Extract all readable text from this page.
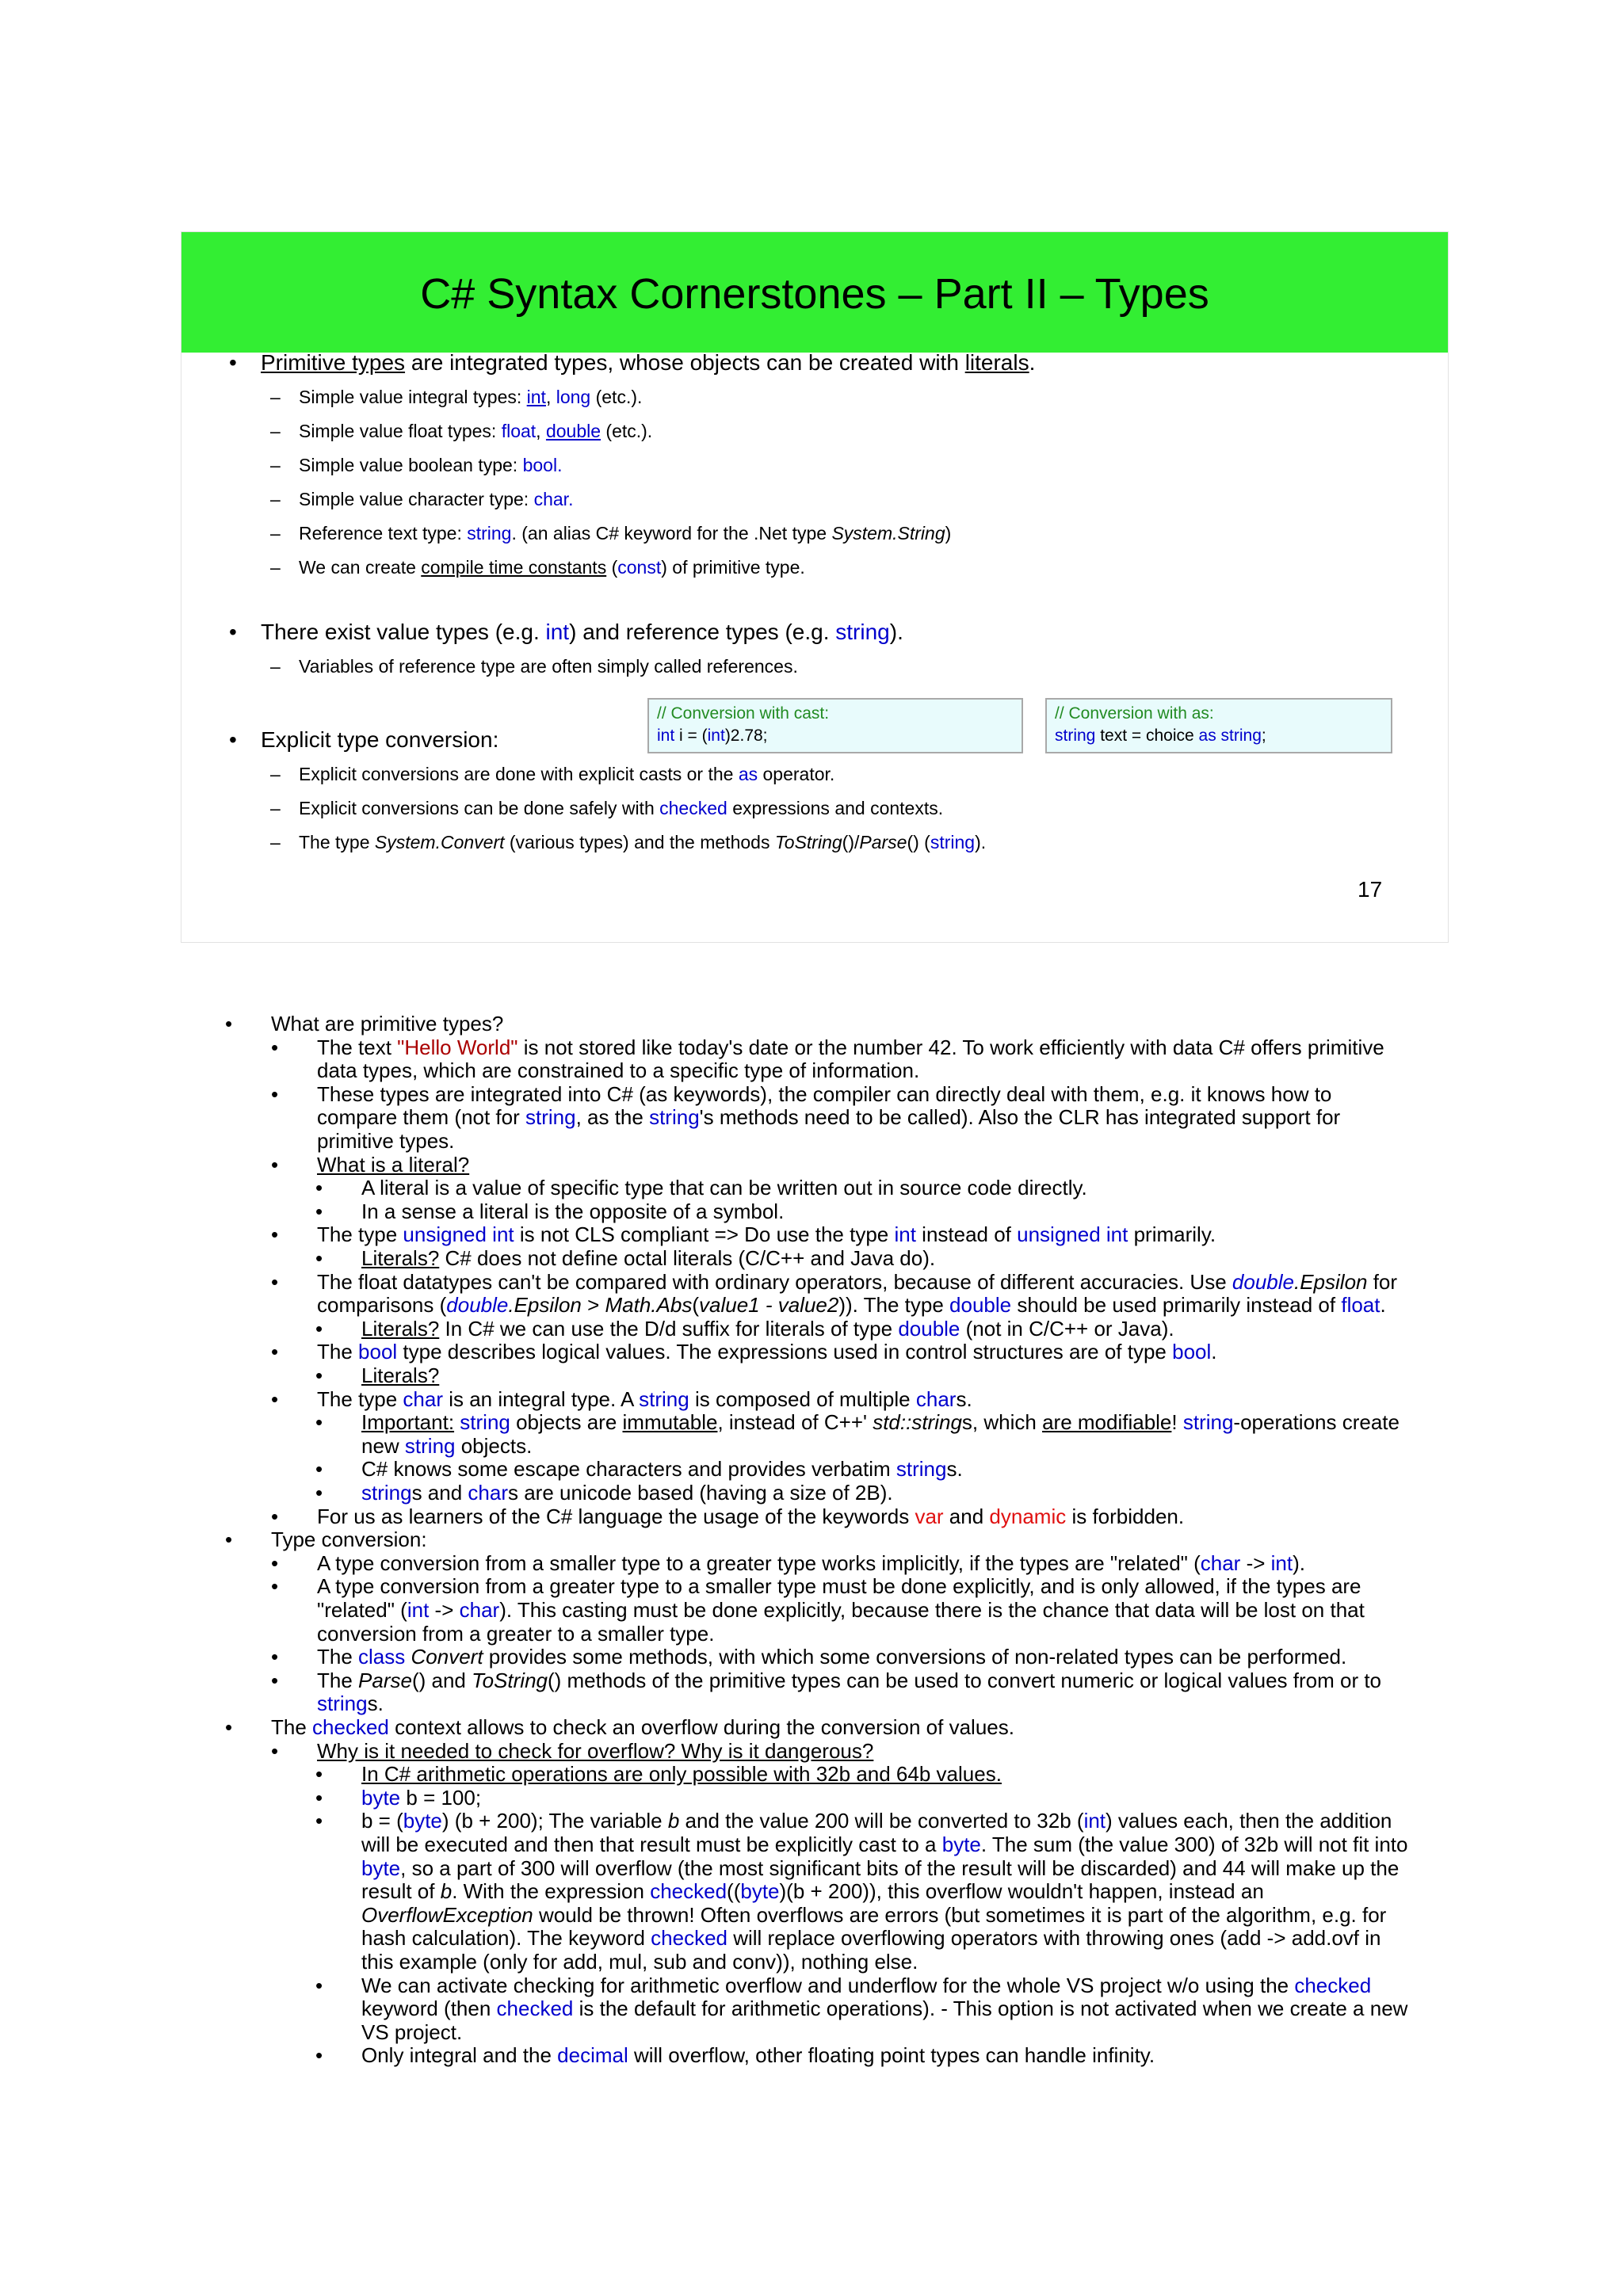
C# Syntax Cornerstones – Part II – Types
• Primitive types are integrated types, whose objects can be created with literals.
– Simple value integral types: int, long (etc.).
– Simple value float types: float, double (etc.).
– Simple value boolean type: bool.
– Simple value character type: char.
– Reference text type: string. (an alias C# keyword for the .Net type System.String)
– We can create compile time constants (const) of primitive type.
• There exist value types (e.g. int) and reference types (e.g. string).
– Variables of reference type are often simply called references.
// Conversion with cast:
int i = (int)2.78;
// Conversion with as:
string text = choice as string;
• Explicit type conversion:
– Explicit conversions are done with explicit casts or the as operator.
– Explicit conversions can be done safely with checked expressions and contexts.
– The type System.Convert (various types) and the methods ToString()/Parse() (string).
17
• What are primitive types?
• The text "Hello World" is not stored like today's date or the number 42. To work efficiently with data C# offers primitive
data types, which are constrained to a specific type of information.
• These types are integrated into C# (as keywords), the compiler can directly deal with them, e.g. it knows how to
compare them (not for string, as the string's methods need to be called). Also the CLR has integrated support for
primitive types.
• What is a literal?
• A literal is a value of specific type that can be written out in source code directly.
• In a sense a literal is the opposite of a symbol.
• The type unsigned int is not CLS compliant => Do use the type int instead of unsigned int primarily.
• Literals? C# does not define octal literals (C/C++ and Java do).
• The float datatypes can't be compared with ordinary operators, because of different accuracies. Use double.Epsilon for
comparisons (double.Epsilon > Math.Abs(value1 - value2)). The type double should be used primarily instead of float.
• Literals? In C# we can use the D/d suffix for literals of type double (not in C/C++ or Java).
• The bool type describes logical values. The expressions used in control structures are of type bool.
• Literals?
• The type char is an integral type. A string is composed of multiple chars.
• Important: string objects are immutable, instead of C++' std::strings, which are modifiable! string-operations create
new string objects.
• C# knows some escape characters and provides verbatim strings.
• strings and chars are unicode based (having a size of 2B).
• For us as learners of the C# language the usage of the keywords var and dynamic is forbidden.
• Type conversion:
• A type conversion from a smaller type to a greater type works implicitly, if the types are "related" (char -> int).
• A type conversion from a greater type to a smaller type must be done explicitly, and is only allowed, if the types are
"related" (int -> char). This casting must be done explicitly, because there is the chance that data will be lost on that
conversion from a greater to a smaller type.
• The class Convert provides some methods, with which some conversions of non-related types can be performed.
• The Parse() and ToString() methods of the primitive types can be used to convert numeric or logical values from or to
strings.
• The checked context allows to check an overflow during the conversion of values.
• Why is it needed to check for overflow? Why is it dangerous?
• In C# arithmetic operations are only possible with 32b and 64b values.
• byte b = 100;
• b = (byte) (b + 200); The variable b and the value 200 will be converted to 32b (int) values each, then the addition
will be executed and then that result must be explicitly cast to a byte. The sum (the value 300) of 32b will not fit into
byte, so a part of 300 will overflow (the most significant bits of the result will be discarded) and 44 will make up the
result of b. With the expression checked((byte)(b + 200)), this overflow wouldn't happen, instead an
OverflowException would be thrown! Often overflows are errors (but sometimes it is part of the algorithm, e.g. for
hash calculation). The keyword checked will replace overflowing operators with throwing ones (add -> add.ovf in
this example (only for add, mul, sub and conv)), nothing else.
• We can activate checking for arithmetic overflow and underflow for the whole VS project w/o using the checked
keyword (then checked is the default for arithmetic operations). - This option is not activated when we create a new
VS project.
• Only integral and the decimal will overflow, other floating point types can handle infinity.
